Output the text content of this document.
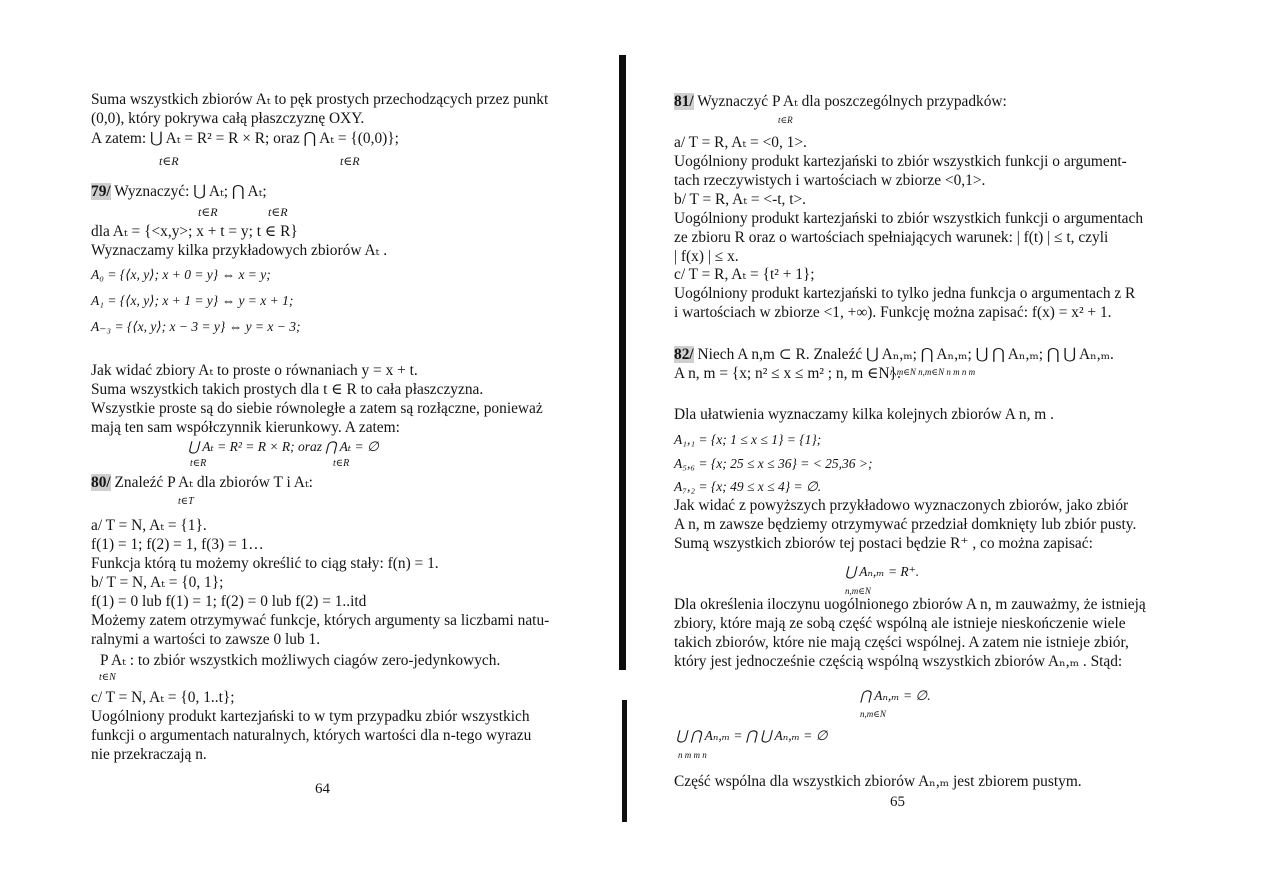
Suma wszystkich zbiorów Aₜ to pęk prostych przechodzących przez punkt
(0,0), który pokrywa całą płaszczyznę OXY.
A zatem: ⋃ Aₜ = R² = R × R; oraz ⋂ Aₜ = {(0,0)};
t∈R	t∈R
79/ Wyznaczyć: ⋃ Aₜ; ⋂ Aₜ;
t∈R	t∈R
dla Aₜ = {<x,y>; x + t = y; t ∈ R}
Wyznaczamy kilka przykładowych zbiorów Aₜ .
A₀ = {⟨x, y⟩; x + 0 = y} ⇔ x = y;
A₁ = {⟨x, y⟩; x + 1 = y} ⇔ y = x + 1;
A₋₃ = {⟨x, y⟩; x − 3 = y} ⇔ y = x − 3;
Jak widać zbiory Aₜ to proste o równaniach y = x + t.
Suma wszystkich takich prostych dla t ∈ R to cała płaszczyzna.
Wszystkie proste są do siebie równoległe a zatem są rozłączne, ponieważ
mają ten sam współczynnik kierunkowy. A zatem:
⋃ Aₜ = R² = R × R; oraz ⋂ Aₜ = ∅
t∈R	t∈R
80/ Znaleźć P Aₜ dla zbiorów T i Aₜ:
t∈T
a/ T = N, Aₜ = {1}.
f(1) = 1; f(2) = 1, f(3) = 1…
Funkcja którą tu możemy określić to ciąg stały: f(n) = 1.
b/ T = N, Aₜ = {0, 1};
f(1) = 0 lub f(1) = 1; f(2) = 0 lub f(2) = 1..itd
Możemy zatem otrzymywać funkcje, których argumenty sa liczbami natu-
ralnymi a wartości to zawsze 0 lub 1.
P Aₜ : to zbiór wszystkich możliwych ciagów zero-jedynkowych.
t∈N
c/ T = N, Aₜ = {0, 1..t};
Uogólniony produkt kartezjański to w tym przypadku zbiór wszystkich
funkcji o argumentach naturalnych, których wartości dla n-tego wyrazu
nie przekraczają n.
64
81/ Wyznaczyć P Aₜ dla poszczególnych przypadków:
t∈R
a/ T = R, Aₜ = <0, 1>.
Uogólniony produkt kartezjański to zbiór wszystkich funkcji o argument-
tach rzeczywistych i wartościach w zbiorze <0,1>.
b/ T = R, Aₜ = <-t, t>.
Uogólniony produkt kartezjański to zbiór wszystkich funkcji o argumentach
ze zbioru R oraz o wartościach spełniających warunek: | f(t) | ≤ t, czyli
| f(x) | ≤ x.
c/ T = R, Aₜ = {t² + 1};
Uogólniony produkt kartezjański to tylko jedna funkcja o argumentach z R
i wartościach w zbiorze <1, +∞). Funkcję można zapisać: f(x) = x² + 1.
82/ Niech A n,m ⊂ R. Znaleźć ⋃ Aₙ,ₘ; ⋂ Aₙ,ₘ; ⋃ ⋂ Aₙ,ₘ; ⋂ ⋃ Aₙ,ₘ.
n,m∈N n,m∈N n m n m
A n, m = {x; n² ≤ x ≤ m² ; n, m ∈N}.
Dla ułatwienia wyznaczamy kilka kolejnych zbiorów A n, m .
A₁,₁ = {x; 1 ≤ x ≤ 1} = {1};
A₅,₆ = {x; 25 ≤ x ≤ 36} = < 25,36 >;
A₇,₂ = {x; 49 ≤ x ≤ 4} = ∅.
Jak widać z powyższych przykładowo wyznaczonych zbiorów, jako zbiór
A n, m zawsze będziemy otrzymywać przedział domknięty lub zbiór pusty.
Sumą wszystkich zbiorów tej postaci będzie R⁺ , co można zapisać:
⋃ Aₙ,ₘ = R⁺.
n,m∈N
Dla określenia iloczynu uogólnionego zbiorów A n, m zauważmy, że istnieją
zbiory, które mają ze sobą część wspólną ale istnieje nieskończenie wiele
takich zbiorów, które nie mają części wspólnej. A zatem nie istnieje zbiór,
który jest jednocześnie częścią wspólną wszystkich zbiorów Aₙ,ₘ . Stąd:
⋂ Aₙ,ₘ = ∅.
n,m∈N
⋃ ⋂ Aₙ,ₘ = ⋂ ⋃ Aₙ,ₘ = ∅
n m m n
Część wspólna dla wszystkich zbiorów Aₙ,ₘ jest zbiorem pustym.
65
